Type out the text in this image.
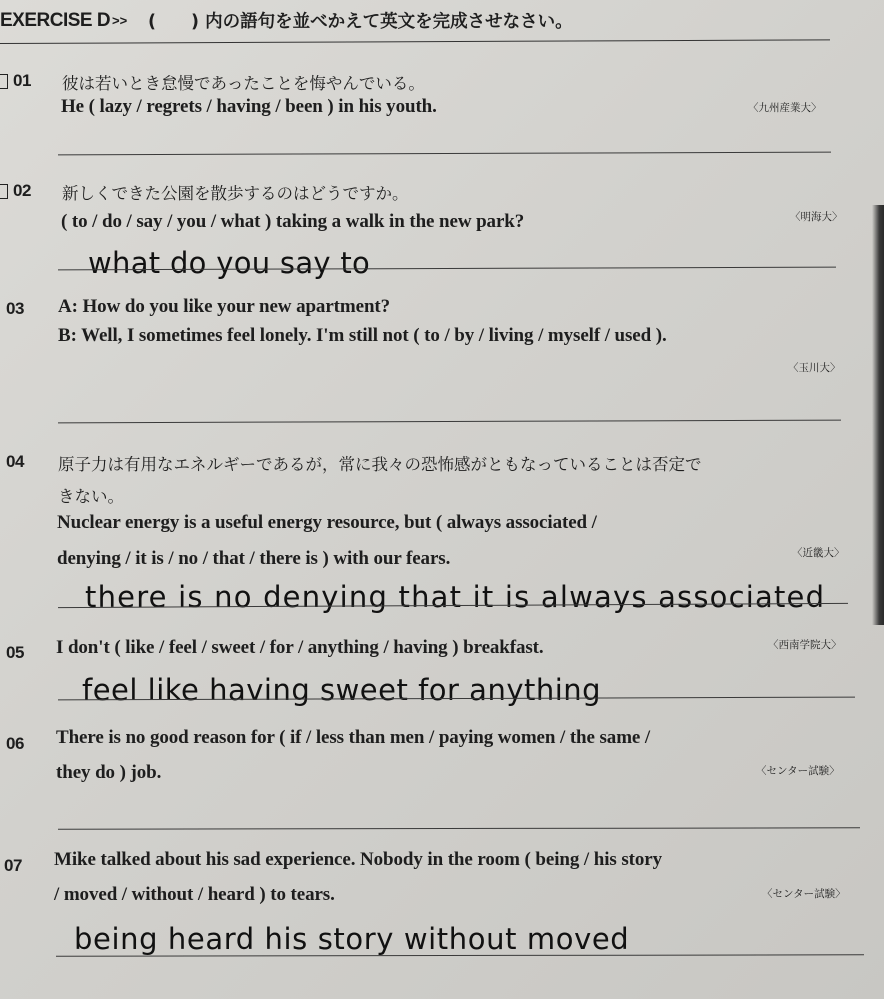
EXERCISE D >> (　　) 内の語句を並べかえて英文を完成させなさい。
01 彼は若いとき怠慢であったことを悔やんでいる。
He ( lazy / regrets / having / been ) in his youth.	〈九州産業大〉
02 新しくできた公園を散歩するのはどうですか。
( to / do / say / you / what ) taking a walk in the new park?	〈明海大〉
what do you say to
03 A: How do you like your new apartment?
B: Well, I sometimes feel lonely. I'm still not ( to / by / living / myself / used ).
〈玉川大〉
04 原子力は有用なエネルギーであるが，常に我々の恐怖感がともなっていることは否定で
きない。
Nuclear energy is a useful energy resource, but ( always associated /
denying / it is / no / that / there is ) with our fears.	〈近畿大〉
there is no denying that it is always associated
05 I don't ( like / feel / sweet / for / anything / having ) breakfast.	〈西南学院大〉
feel like having sweet for anything
06 There is no good reason for ( if / less than men / paying women / the same /
they do ) job.	〈センター試験〉
07 Mike talked about his sad experience. Nobody in the room ( being / his story
/ moved / without / heard ) to tears.	〈センター試験〉
being heard his story without moved
